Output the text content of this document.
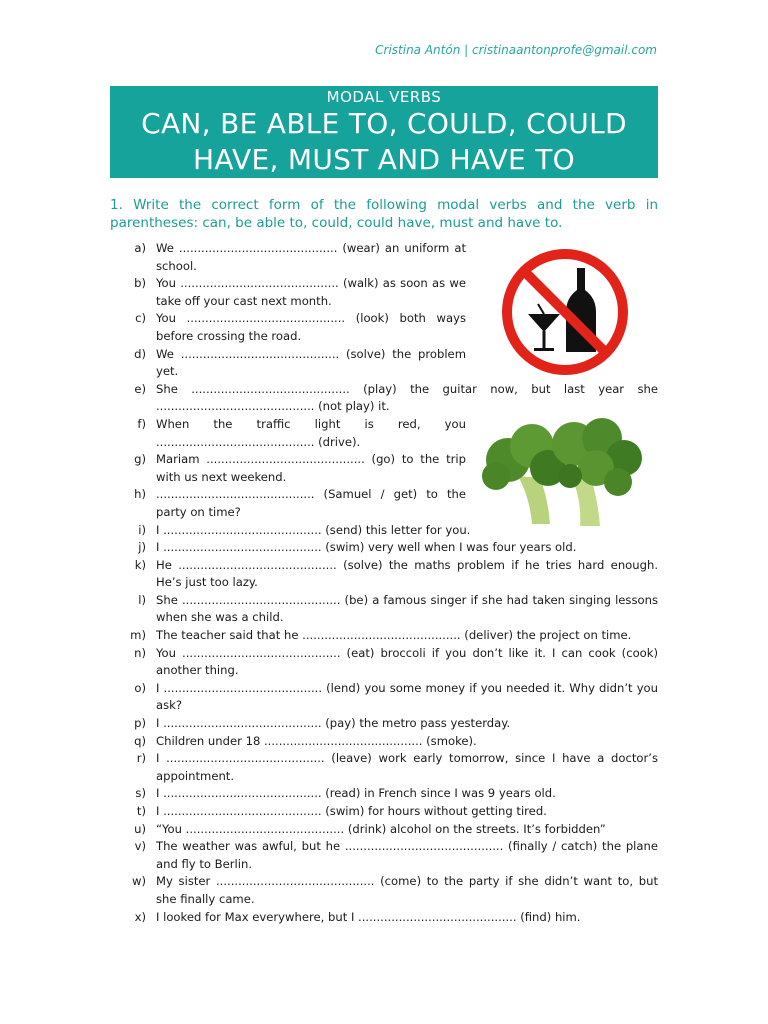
Cristina Antón | cristinaantonprofe@gmail.com
MODAL VERBS
CAN, BE ABLE TO, COULD, COULD
HAVE, MUST AND HAVE TO
1. Write the correct form of the following modal verbs and the verb in parentheses: can, be able to, could, could have, must and have to.
a) We ........................................... (wear) an uniform at school.
b) You ........................................... (walk) as soon as we take off your cast next month.
c) You ........................................... (look) both ways before crossing the road.
d) We ........................................... (solve) the problem yet.
e) She ........................................... (play) the guitar now, but last year she ........................................... (not play) it.
f) When the traffic light is red, you ........................................... (drive).
g) Mariam ........................................... (go) to the trip with us next weekend.
h) ........................................... (Samuel / get) to the party on time?
i) I ........................................... (send) this letter for you.
j) I ........................................... (swim) very well when I was four years old.
k) He ........................................... (solve) the maths problem if he tries hard enough. He’s just too lazy.
l) She ........................................... (be) a famous singer if she had taken singing lessons when she was a child.
m) The teacher said that he ........................................... (deliver) the project on time.
n) You ........................................... (eat) broccoli if you don’t like it. I can cook (cook) another thing.
o) I ........................................... (lend) you some money if you needed it. Why didn’t you ask?
p) I ........................................... (pay) the metro pass yesterday.
q) Children under 18 ........................................... (smoke).
r) I ........................................... (leave) work early tomorrow, since I have a doctor’s appointment.
s) I ........................................... (read) in French since I was 9 years old.
t) I ........................................... (swim) for hours without getting tired.
u) “You ........................................... (drink) alcohol on the streets. It’s forbidden”
v) The weather was awful, but he ........................................... (finally / catch) the plane and fly to Berlin.
w) My sister ........................................... (come) to the party if she didn’t want to, but she finally came.
x) I looked for Max everywhere, but I ........................................... (find) him.
